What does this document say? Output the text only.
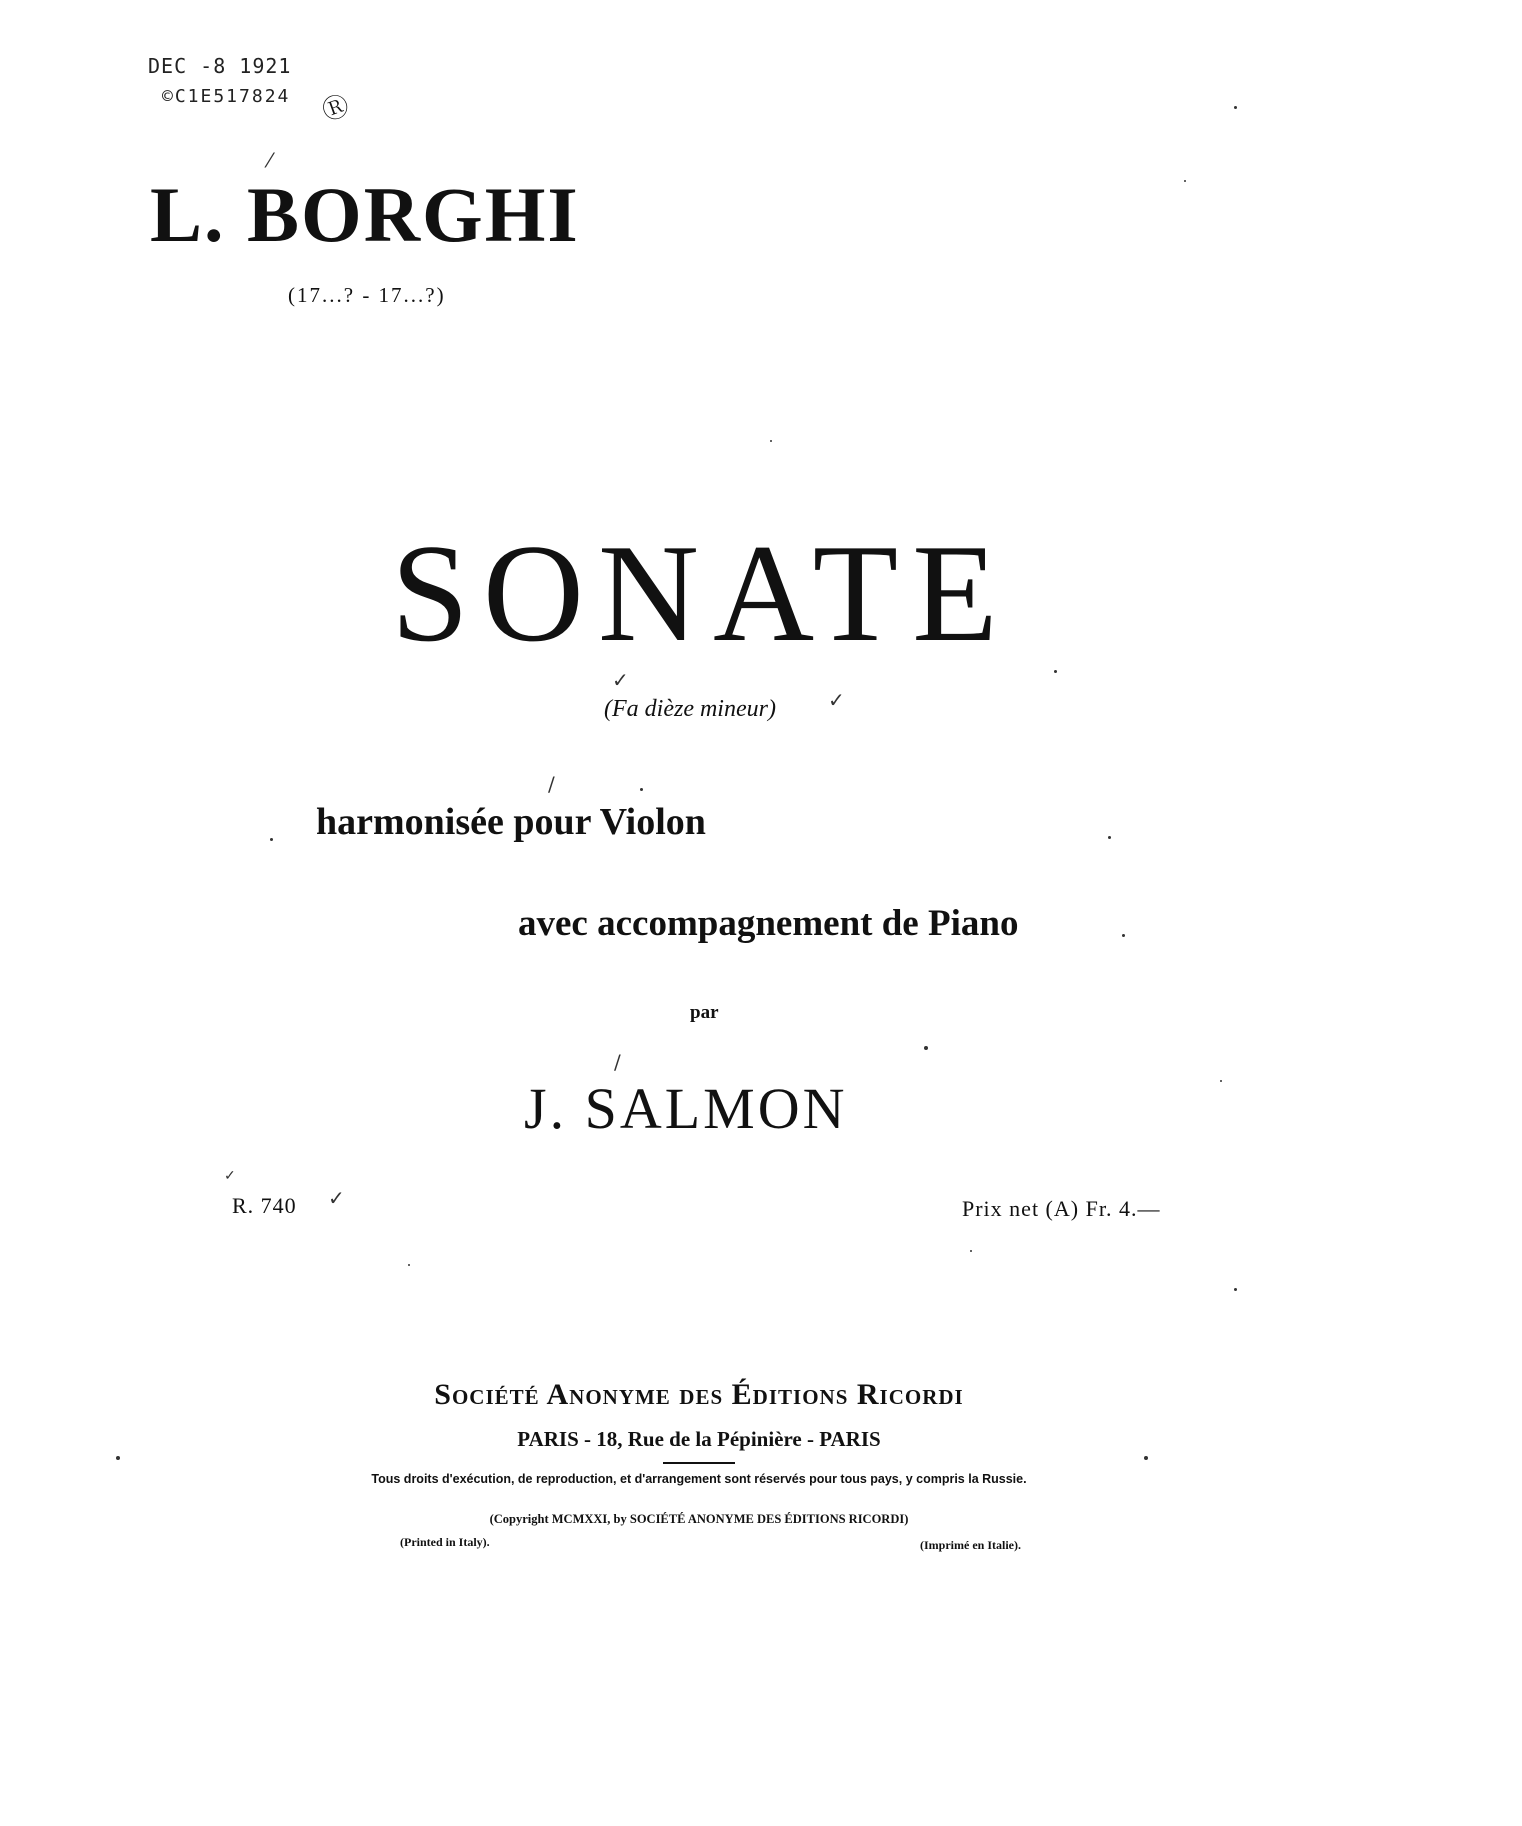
DEC -8 1921
©C1E517824 Ⓡ
⁄
L. BORGHI
(17...? - 17...?)
SONATE
✓
(Fa dièze mineur)	✓
/
harmonisée pour Violon
avec accompagnement de Piano
par
/
J. SALMON
✓
R. 740 ✓	Prix net (A) Fr. 4.—
Société Anonyme des Éditions Ricordi
PARIS - 18, Rue de la Pépinière - PARIS
Tous droits d'exécution, de reproduction, et d'arrangement sont réservés pour tous pays, y compris la Russie.
(Copyright MCMXXI, by SOCIÉTÉ ANONYME DES ÉDITIONS RICORDI)
(Printed in Italy).	(Imprimé en Italie).
